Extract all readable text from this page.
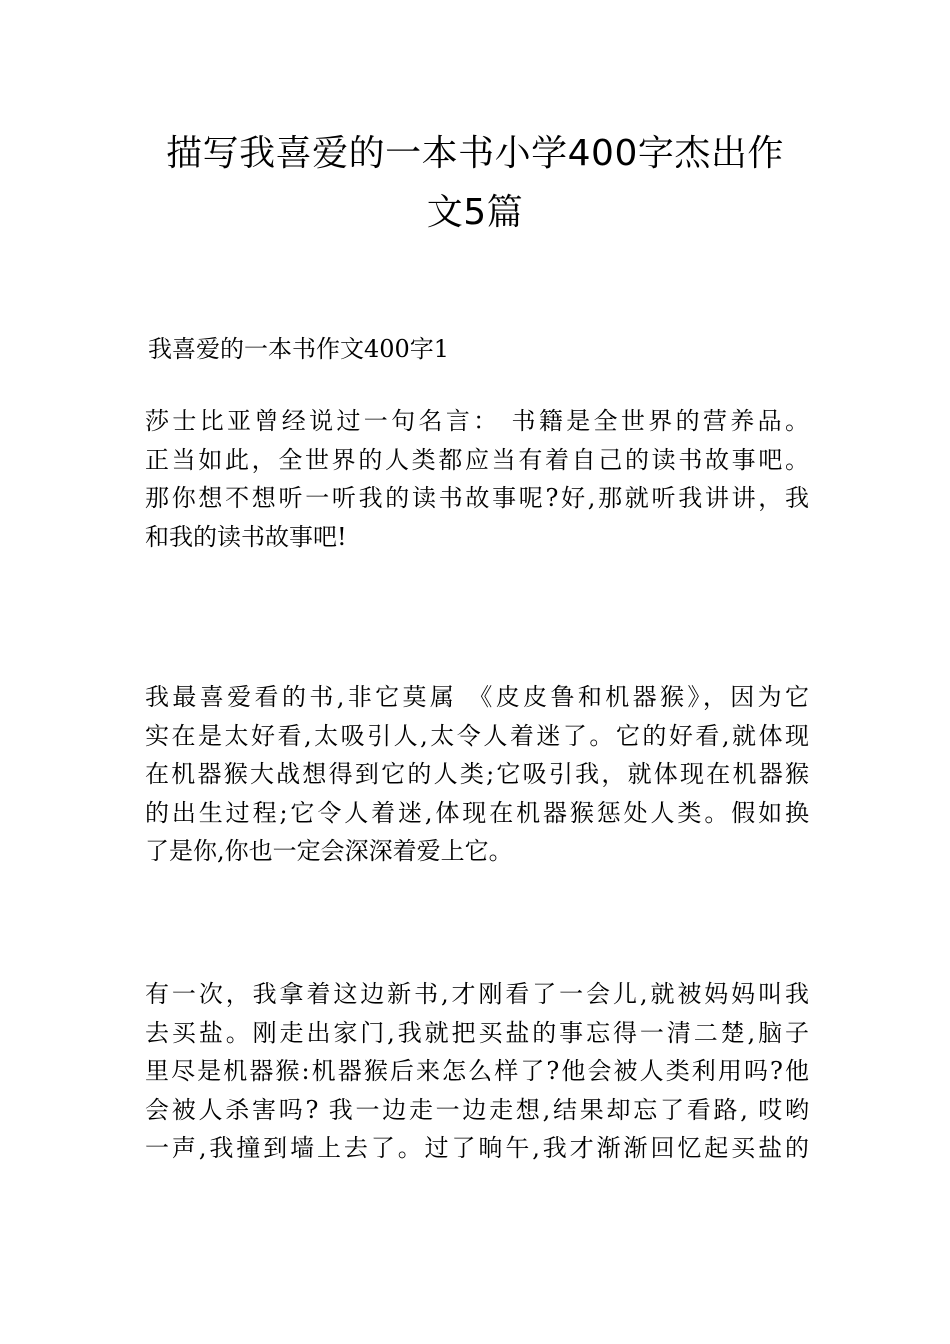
描写我喜爱的一本书小学400字杰出作
文5篇

我喜爱的一本书作文400字1

莎士比亚曾经说过一句名言： 书籍是全世界的营养品。
正当如此，全世界的人类都应当有着自己的读书故事吧。
那你想不想听一听我的读书故事呢?好,那就听我讲讲，我
和我的读书故事吧!
我最喜爱看的书,非它莫属 《皮皮鲁和机器猴》，因为它
实在是太好看,太吸引人,太令人着迷了。它的好看,就体现
在机器猴大战想得到它的人类;它吸引我，就体现在机器猴
的出生过程;它令人着迷,体现在机器猴惩处人类。假如换
了是你,你也一定会深深着爱上它。
有一次，我拿着这边新书,才刚看了一会儿,就被妈妈叫我
去买盐。刚走出家门,我就把买盐的事忘得一清二楚,脑子
里尽是机器猴:机器猴后来怎么样了?他会被人类利用吗?他
会被人杀害吗? 我一边走一边走想,结果却忘了看路, 哎哟
一声,我撞到墙上去了。过了晌午,我才渐渐回忆起买盐的
